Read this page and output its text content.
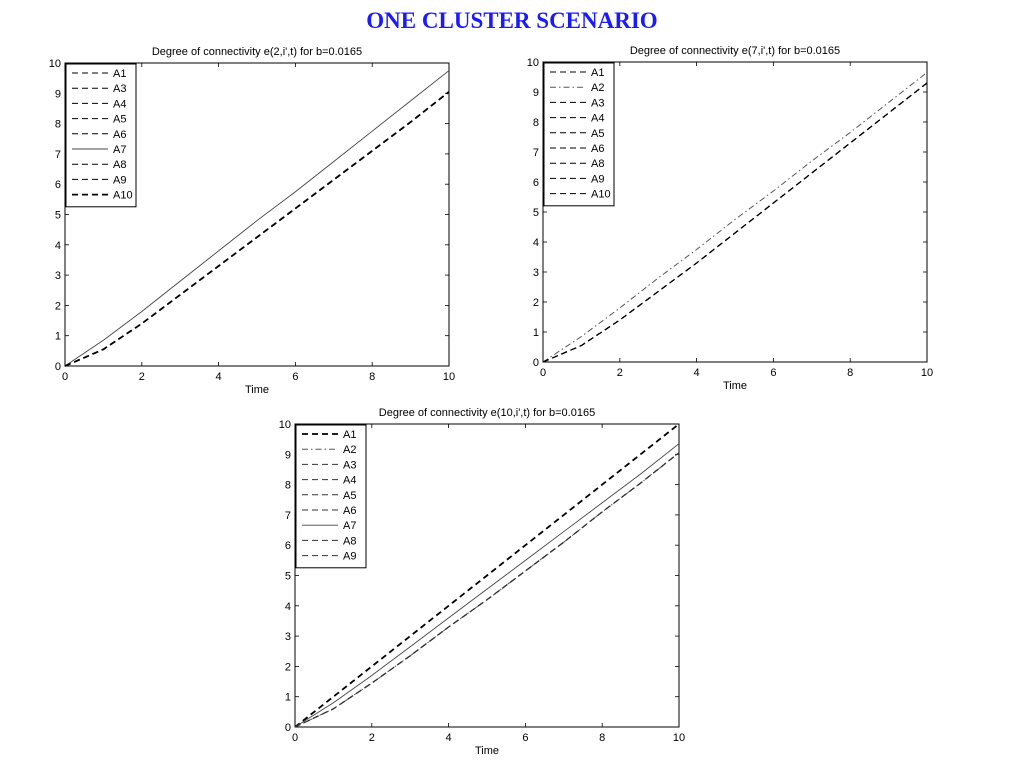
ONE CLUSTER SCENARIO
Degree of connectivity e(2,i',t) for b=0.0165
0	2	4	6	8	10
0
1
2
3
4
5
6
7
8
9
10
Time
A1
A3
A4
A5
A6
A7
A8
A9
A10
Degree of connectivity e(7,i',t) for b=0.0165
0	2	4	6	8	10
0
1
2
3
4
5
6
7
8
9
10
Time
A1
A2
A3
A4
A5
A6
A8
A9
A10
Degree of connectivity e(10,i',t) for b=0.0165
0	2	4	6	8	10
0
1
2
3
4
5
6
7
8
9
10
Time
A1
A2
A3
A4
A5
A6
A7
A8
A9
